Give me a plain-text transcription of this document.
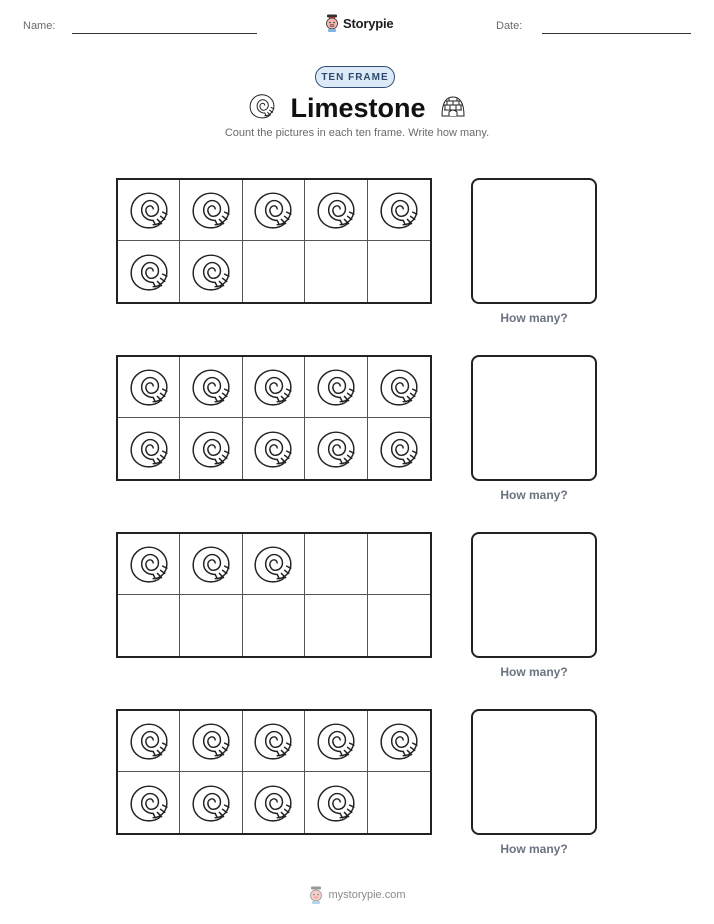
Name:	Storypie	Date:
TEN FRAME
Limestone
Count the pictures in each ten frame. Write how many.
How many?
How many?
How many?
How many?
mystorypie.com
